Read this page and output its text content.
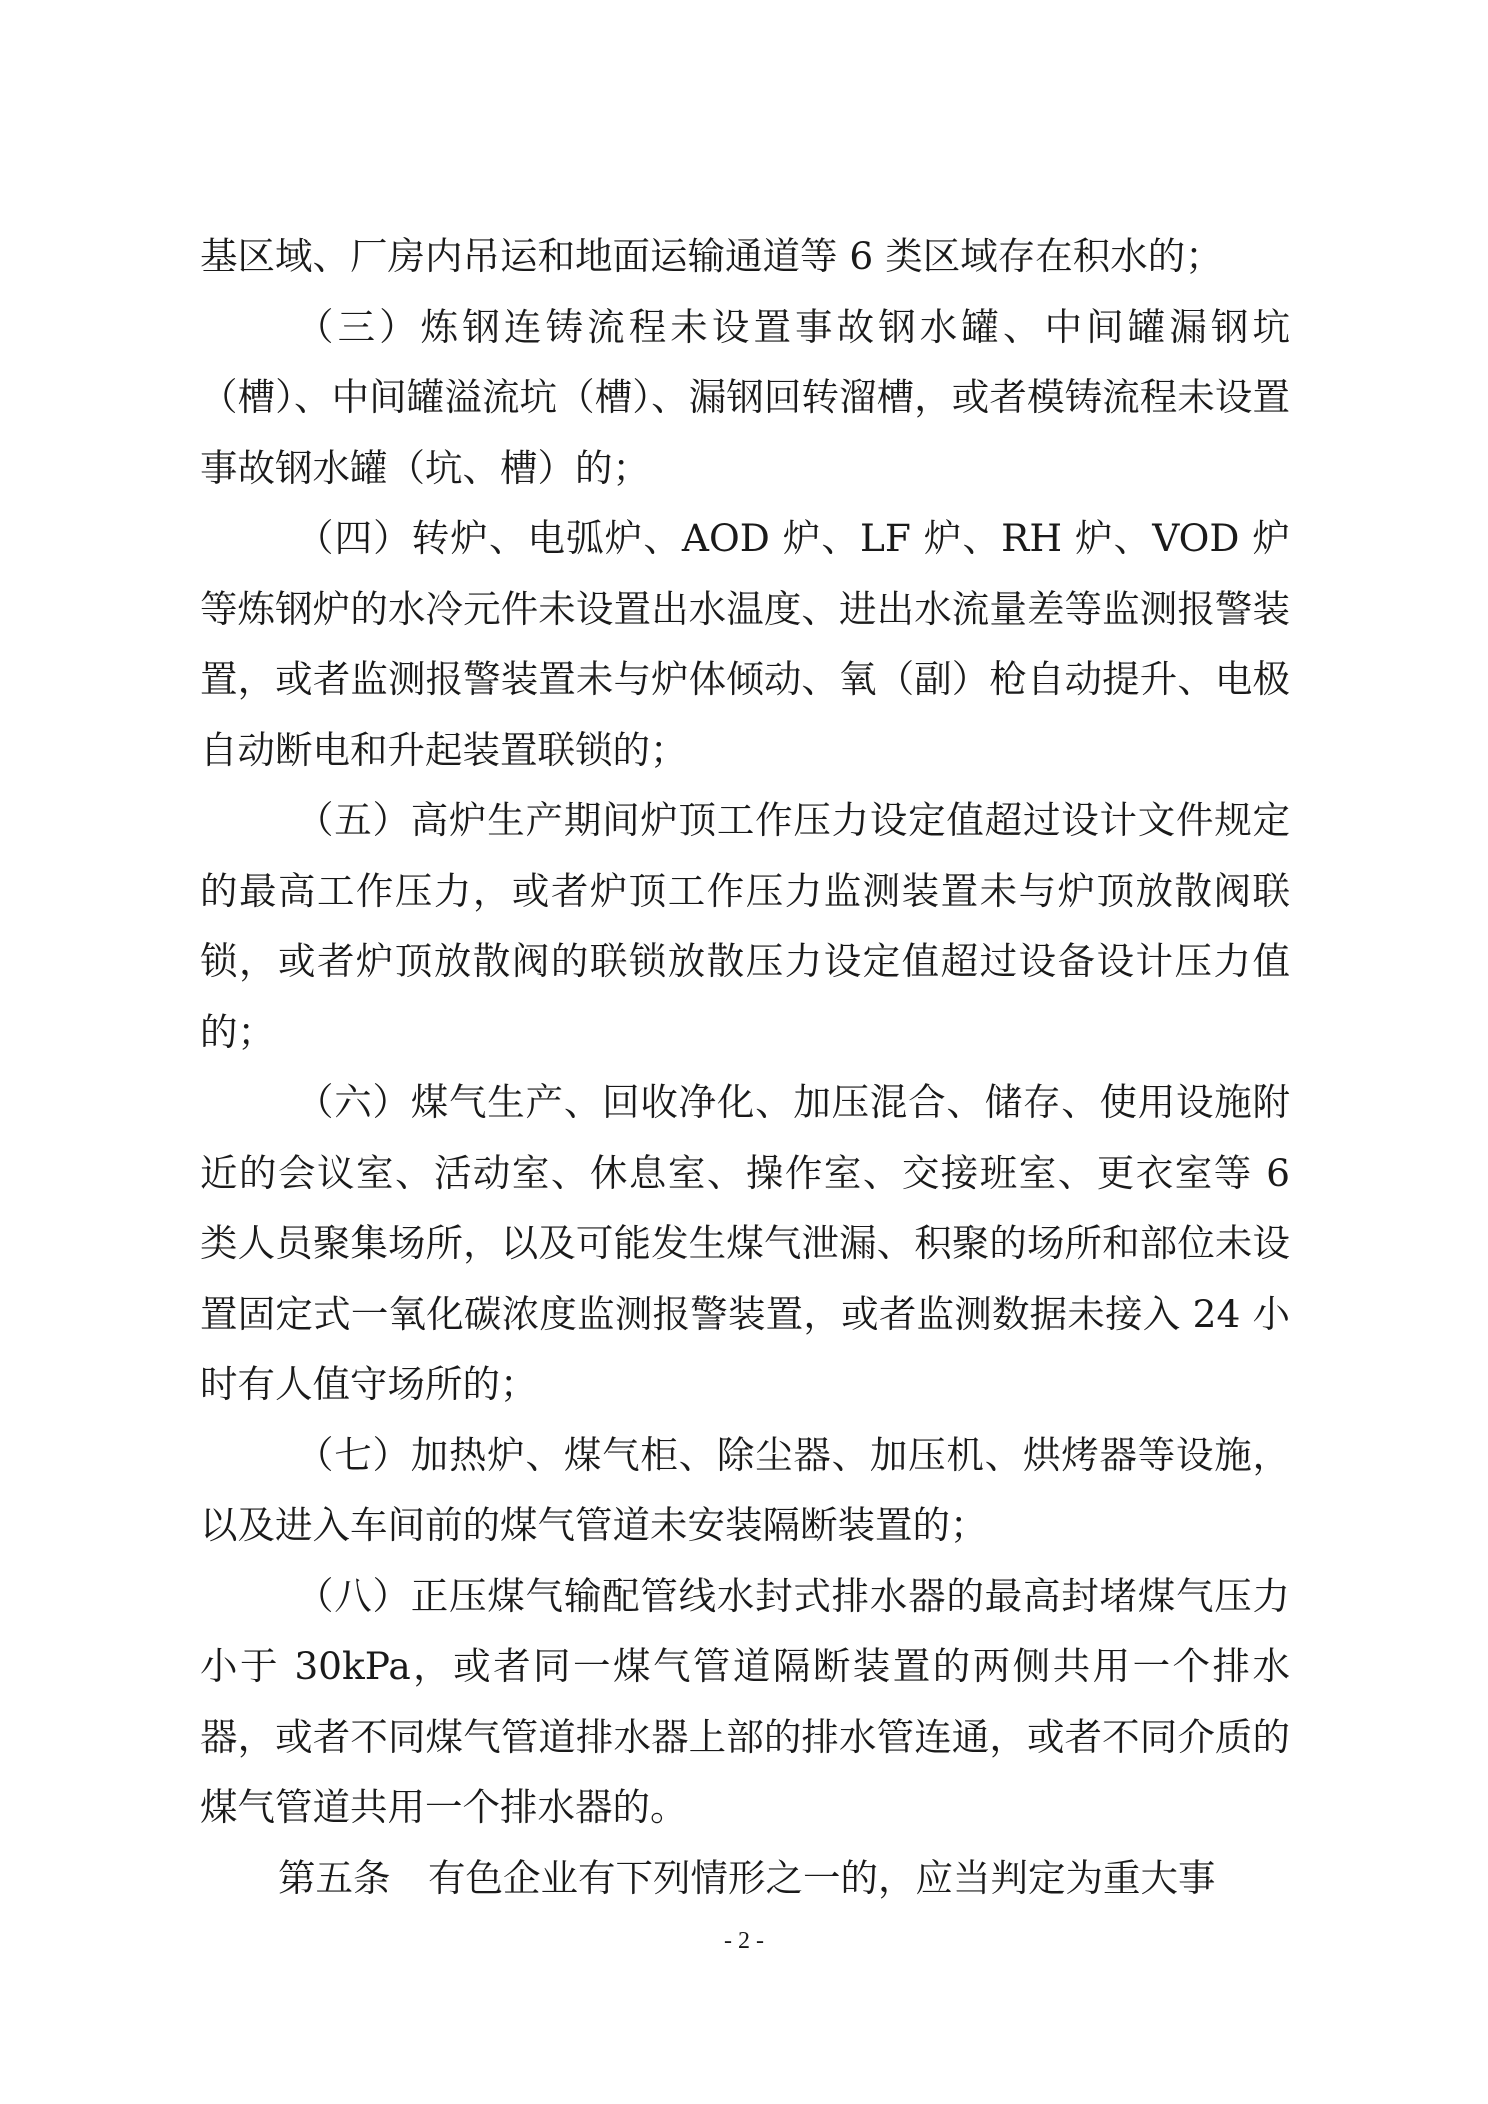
基区域、厂房内吊运和地面运输通道等 6 类区域存在积水的；

（三）炼钢连铸流程未设置事故钢水罐、中间罐漏钢坑（槽）、中间罐溢流坑（槽）、漏钢回转溜槽，或者模铸流程未设置事故钢水罐（坑、槽）的；

（四）转炉、电弧炉、AOD 炉、LF 炉、RH 炉、VOD 炉等炼钢炉的水冷元件未设置出水温度、进出水流量差等监测报警装置，或者监测报警装置未与炉体倾动、氧（副）枪自动提升、电极自动断电和升起装置联锁的；

（五）高炉生产期间炉顶工作压力设定值超过设计文件规定的最高工作压力，或者炉顶工作压力监测装置未与炉顶放散阀联锁，或者炉顶放散阀的联锁放散压力设定值超过设备设计压力值的；

（六）煤气生产、回收净化、加压混合、储存、使用设施附近的会议室、活动室、休息室、操作室、交接班室、更衣室等 6 类人员聚集场所，以及可能发生煤气泄漏、积聚的场所和部位未设置固定式一氧化碳浓度监测报警装置，或者监测数据未接入 24 小时有人值守场所的；

（七）加热炉、煤气柜、除尘器、加压机、烘烤器等设施，以及进入车间前的煤气管道未安装隔断装置的；

（八）正压煤气输配管线水封式排水器的最高封堵煤气压力小于 30kPa，或者同一煤气管道隔断装置的两侧共用一个排水器，或者不同煤气管道排水器上部的排水管连通，或者不同介质的煤气管道共用一个排水器的。

第五条　有色企业有下列情形之一的，应当判定为重大事

- 2 -
